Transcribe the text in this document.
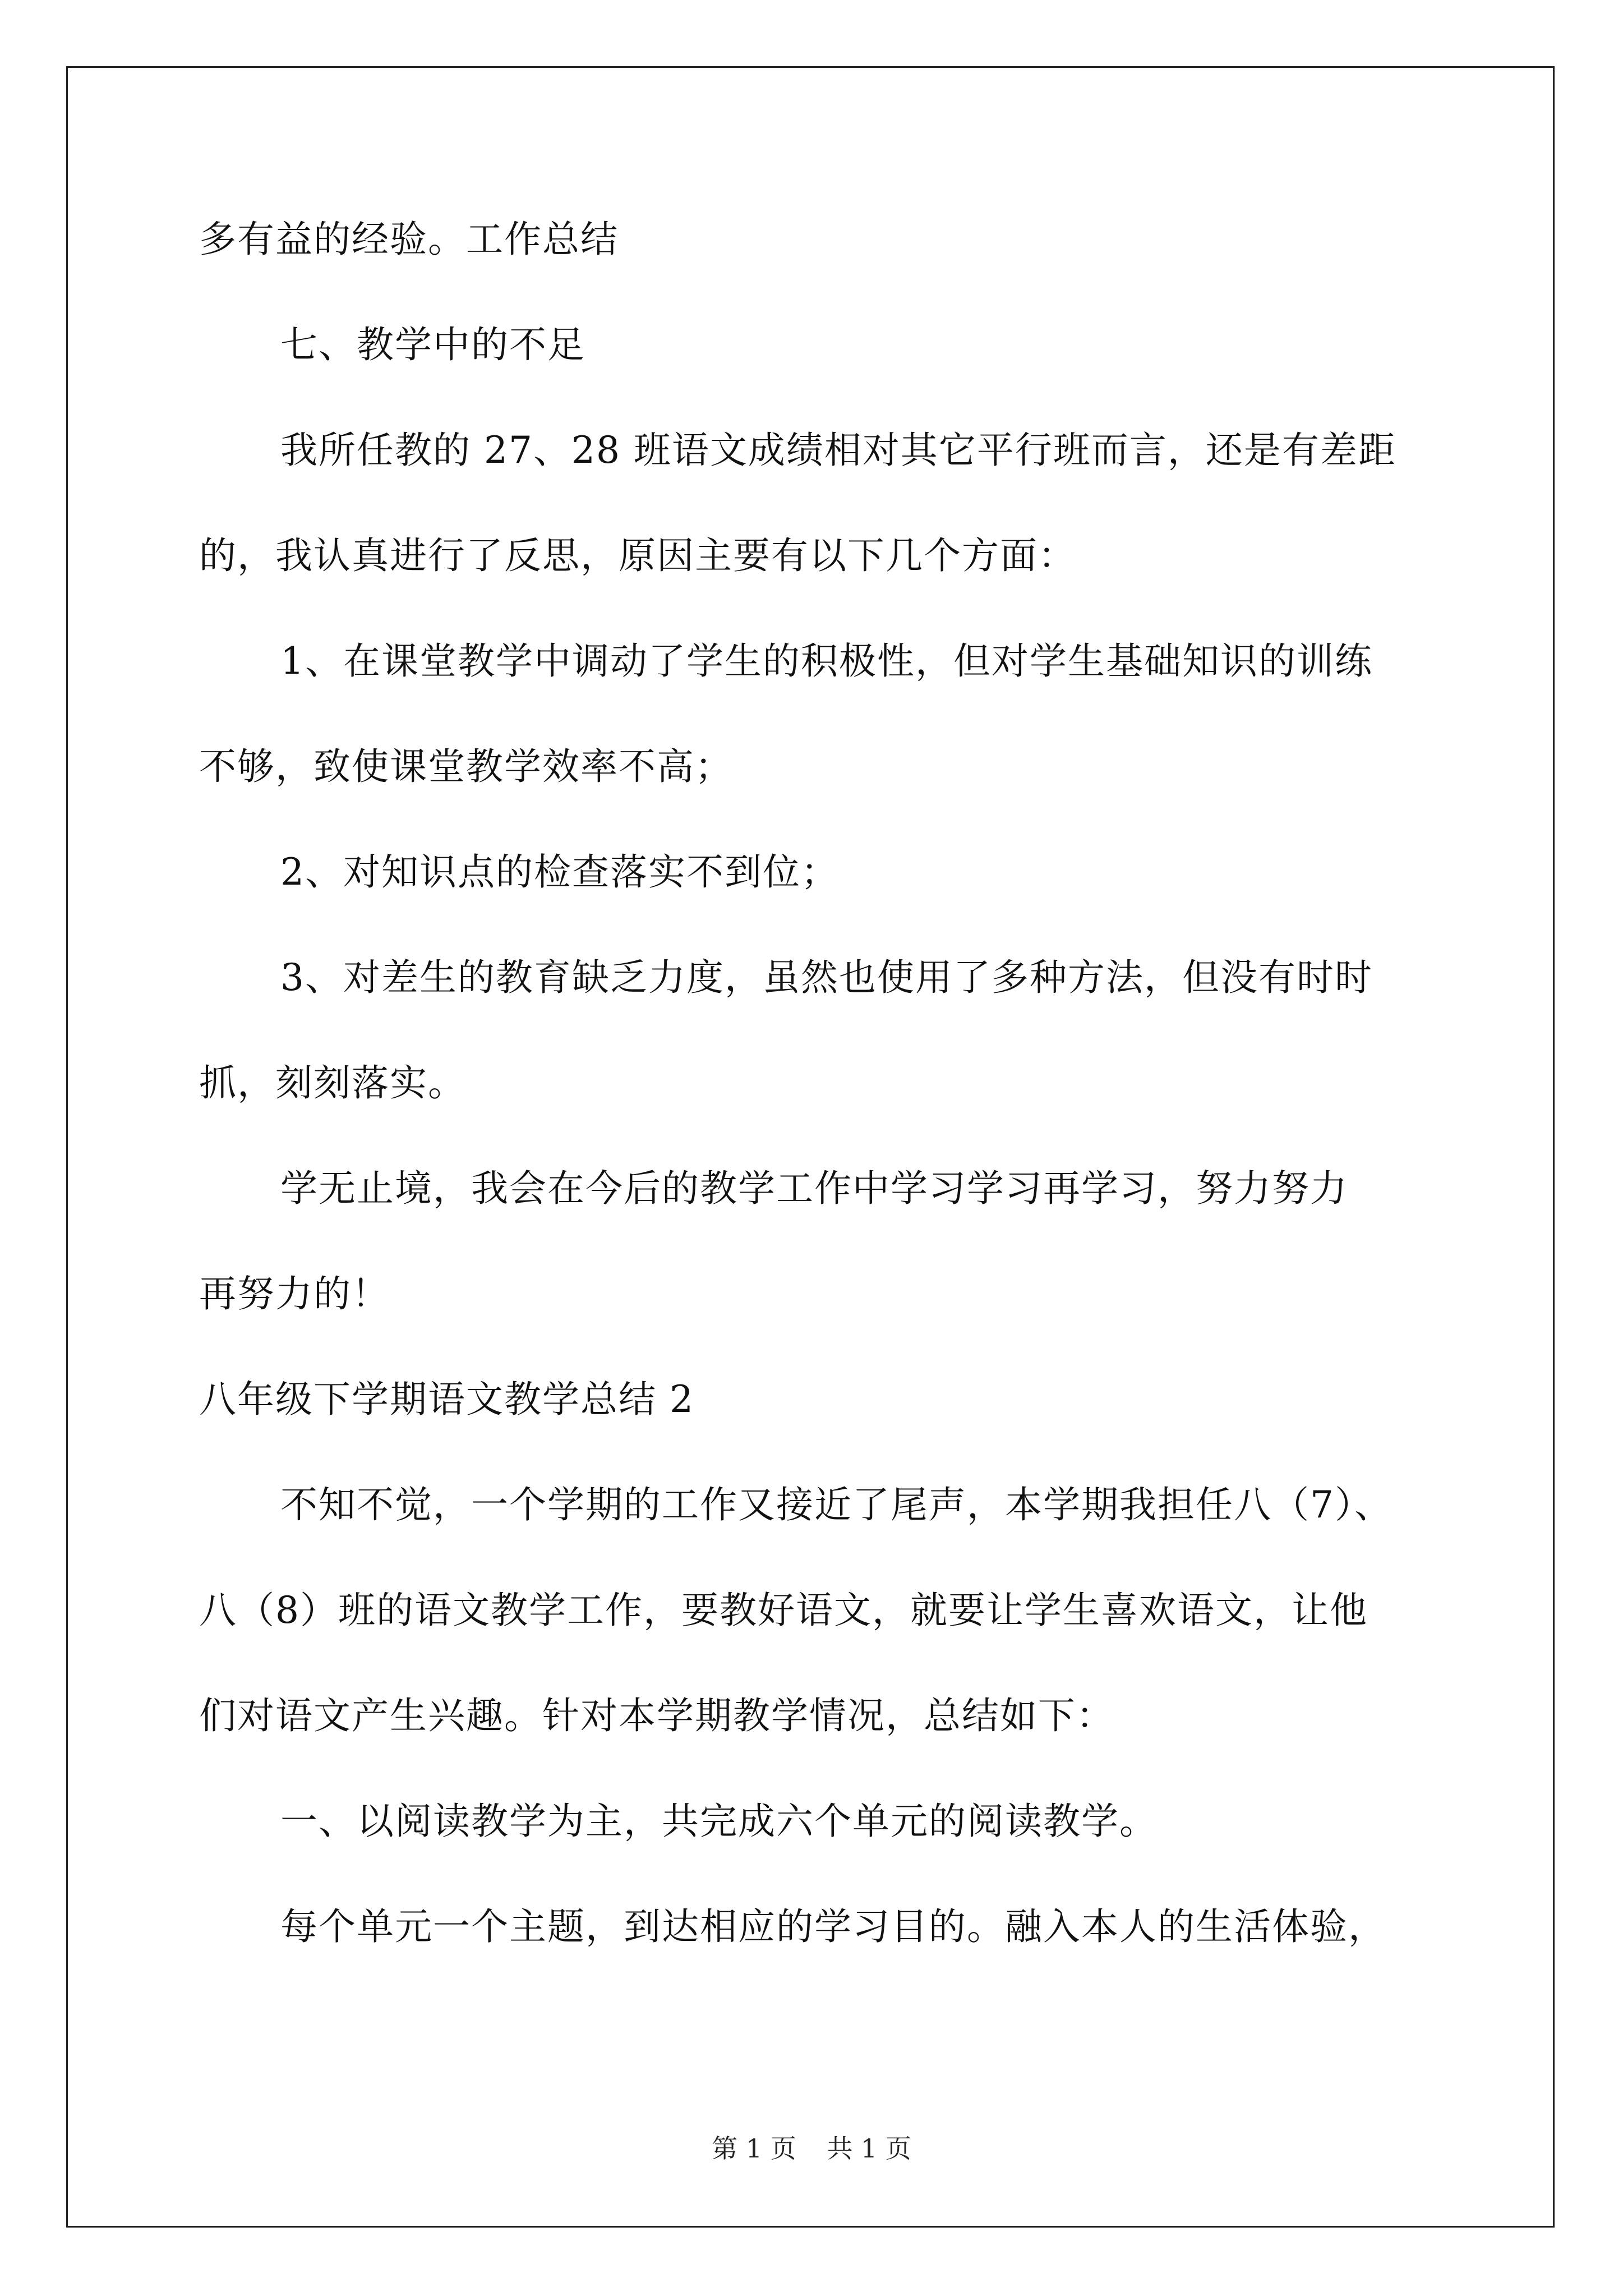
多有益的经验。工作总结
七、教学中的不足
我所任教的 27、28 班语文成绩相对其它平行班而言，还是有差距
的，我认真进行了反思，原因主要有以下几个方面：
1、在课堂教学中调动了学生的积极性，但对学生基础知识的训练
不够，致使课堂教学效率不高；
2、对知识点的检查落实不到位；
3、对差生的教育缺乏力度，虽然也使用了多种方法，但没有时时
抓，刻刻落实。
学无止境，我会在今后的教学工作中学习学习再学习，努力努力
再努力的！
八年级下学期语文教学总结 2
不知不觉，一个学期的工作又接近了尾声，本学期我担任八（7）、
八（8）班的语文教学工作，要教好语文，就要让学生喜欢语文，让他
们对语文产生兴趣。针对本学期教学情况，总结如下：
一、以阅读教学为主，共完成六个单元的阅读教学。
每个单元一个主题，到达相应的学习目的。融入本人的生活体验，
第 1 页 共 1 页
